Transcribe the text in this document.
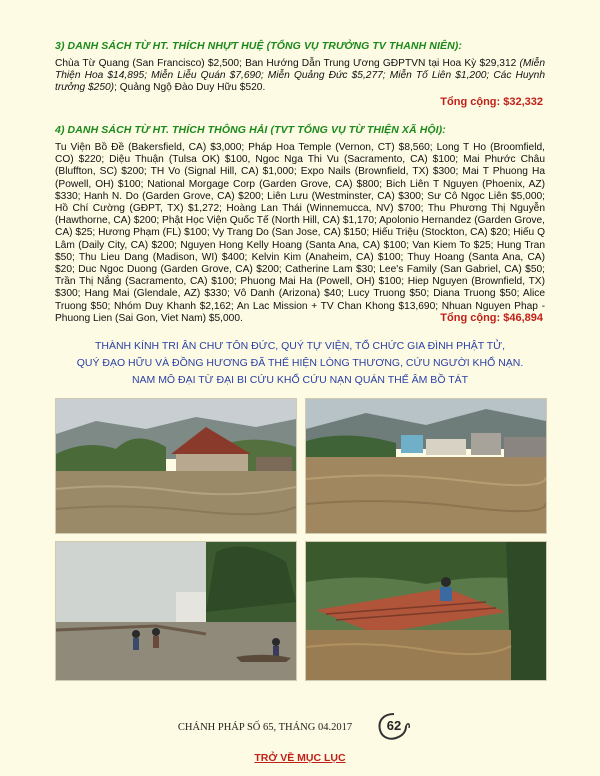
3) DANH SÁCH TỪ HT. THÍCH NHỰT HUỆ (TỔNG VỤ TRƯỞNG TV THANH NIÊN):
Chùa Từ Quang (San Francisco) $2,500; Ban Hướng Dẫn Trung Ương GĐPTVN tại Hoa Kỳ $29,312 (Miễn Thiện Hoa $14,895; Miễn Liễu Quán $7,690; Miễn Quảng Đức $5,277; Miễn Tố Liên $1,200; Các Huynh trưởng $250); Quảng Ngộ Đào Duy Hữu $520.
Tổng cộng: $32,332
4) DANH SÁCH TỪ HT. THÍCH THÔNG HẢI (TVT TỔNG VỤ TỪ THIỆN XÃ HỘI):
Tu Viện Bồ Đề (Bakersfield, CA) $3,000; Pháp Hoa Temple (Vernon, CT) $8,560; Long T Ho (Broomfield, CO) $220; Diệu Thuận (Tulsa OK) $100, Ngoc Nga Thi Vu (Sacramento, CA) $100; Mai Phước Châu (Bluffton, SC) $200; TH Vo (Signal Hill, CA) $1,000; Expo Nails (Brownfield, TX) $300; Mai T Phuong Ha (Powell, OH) $100; National Morgage Corp (Garden Grove, CA) $800; Bich Liên T Nguyen (Phoenix, AZ) $330; Hanh N. Do (Garden Grove, CA) $200; Liên Lưu (Westminster, CA) $300; Sư Cô Ngọc Liên $5,000; Hồ Chí Cường (GĐPT, TX) $1,272; Hoàng Lan Thái (Winnemucca, NV) $700; Thu Phương Thị Nguyễn (Hawthorne, CA) $200; Phật Học Viện Quốc Tế (North Hill, CA) $1,170; Apolonio Hernandez (Garden Grove, CA) $25; Hương Phạm (FL) $100; Vy Trang Do (San Jose, CA) $150; Hiếu Triệu (Stockton, CA) $20; Hiếu Q Lâm (Daily City, CA) $200; Nguyen Hong Kelly Hoang (Santa Ana, CA) $100; Van Kiem To $25; Hung Tran $50; Thu Lieu Dang (Madison, WI) $400; Kelvin Kim (Anaheim, CA) $100; Thuy Hoang (Santa Ana, CA) $20; Duc Ngoc Duong (Garden Grove, CA) $200; Catherine Lam $30; Lee's Family (San Gabriel, CA) $50; Trần Thị Nắng (Sacramento, CA) $100; Phuong Mai Ha (Powell, OH) $100; Hiep Nguyen (Brownfield, TX) $300; Hang Mai (Glendale, AZ) $330; Vô Danh (Arizona) $40; Lucy Truong $50; Diana Truong $50; Alice Truong $50; Nhóm Duy Khanh $2,162; An Lac Mission + TV Chan Khong $13,690; Nhuan Nguyen Phap - Phuong Lien (Sai Gon, Viet Nam) $5,000.	Tổng cộng: $46,894
THÀNH KÍNH TRI ÂN CHƯ TÔN ĐỨC, QUÝ TỰ VIỆN, TỔ CHỨC GIA ĐÌNH PHẬT TỬ,
QUÝ ĐẠO HỮU VÀ ĐỒNG HƯƠNG ĐÃ THỂ HIỆN LÒNG THƯƠNG, CỨU NGƯỜI KHỔ NẠN.
NAM MÔ ĐẠI TỪ ĐẠI BI CỨU KHỔ CỨU NẠN QUÁN THẾ ÂM BỒ TÁT
CHÁNH PHÁP SỐ 65, THÁNG 04.2017	62
TRỞ VỀ MỤC LỤC
